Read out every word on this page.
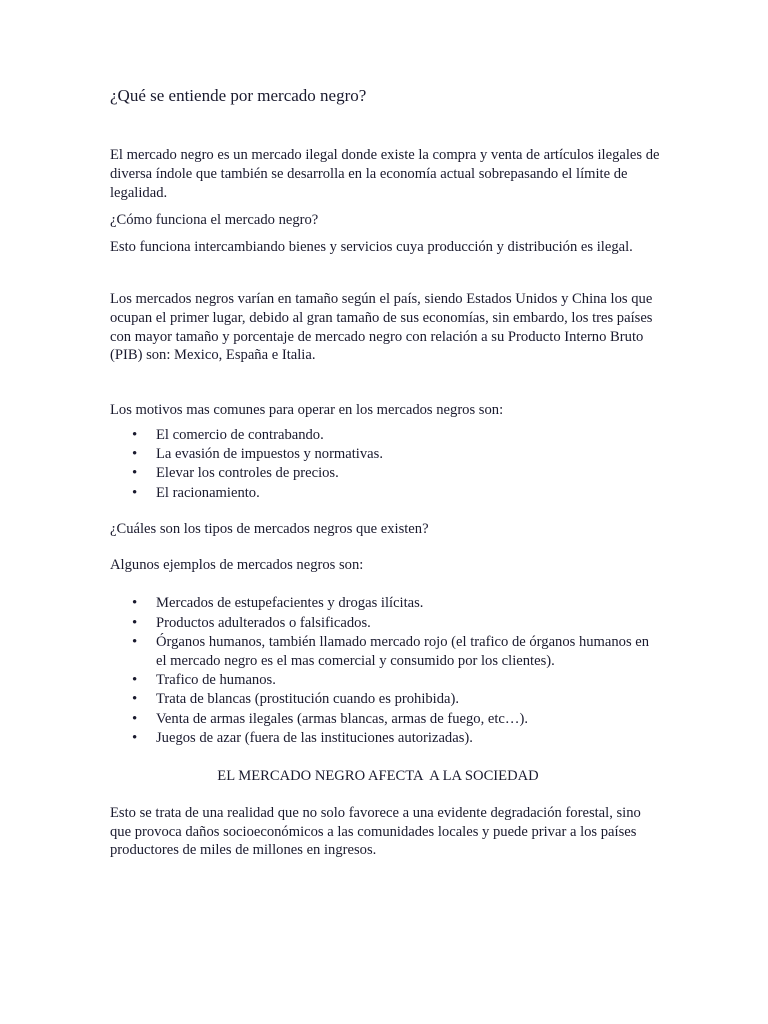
¿Qué se entiende por mercado negro?

El mercado negro es un mercado ilegal donde existe la compra y venta de artículos ilegales de diversa índole que también se desarrolla en la economía actual sobrepasando el límite de legalidad.

¿Cómo funciona el mercado negro?

Esto funciona intercambiando bienes y servicios cuya producción y distribución es ilegal.

Los mercados negros varían en tamaño según el país, siendo Estados Unidos y China los que ocupan el primer lugar, debido al gran tamaño de sus economías, sin embardo, los tres países con mayor tamaño y porcentaje de mercado negro con relación a su Producto Interno Bruto (PIB) son: Mexico, España e Italia.

Los motivos mas comunes para operar en los mercados negros son:

• El comercio de contrabando.
• La evasión de impuestos y normativas.
• Elevar los controles de precios.
• El racionamiento.

¿Cuáles son los tipos de mercados negros que existen?

Algunos ejemplos de mercados negros son:

• Mercados de estupefacientes y drogas ilícitas.
• Productos adulterados o falsificados.
• Órganos humanos, también llamado mercado rojo (el trafico de órganos humanos en el mercado negro es el mas comercial y consumido por los clientes).
• Trafico de humanos.
• Trata de blancas (prostitución cuando es prohibida).
• Venta de armas ilegales (armas blancas, armas de fuego, etc…).
• Juegos de azar (fuera de las instituciones autorizadas).

EL MERCADO NEGRO AFECTA  A LA SOCIEDAD

Esto se trata de una realidad que no solo favorece a una evidente degradación forestal, sino que provoca daños socioeconómicos a las comunidades locales y puede privar a los países productores de miles de millones en ingresos.
